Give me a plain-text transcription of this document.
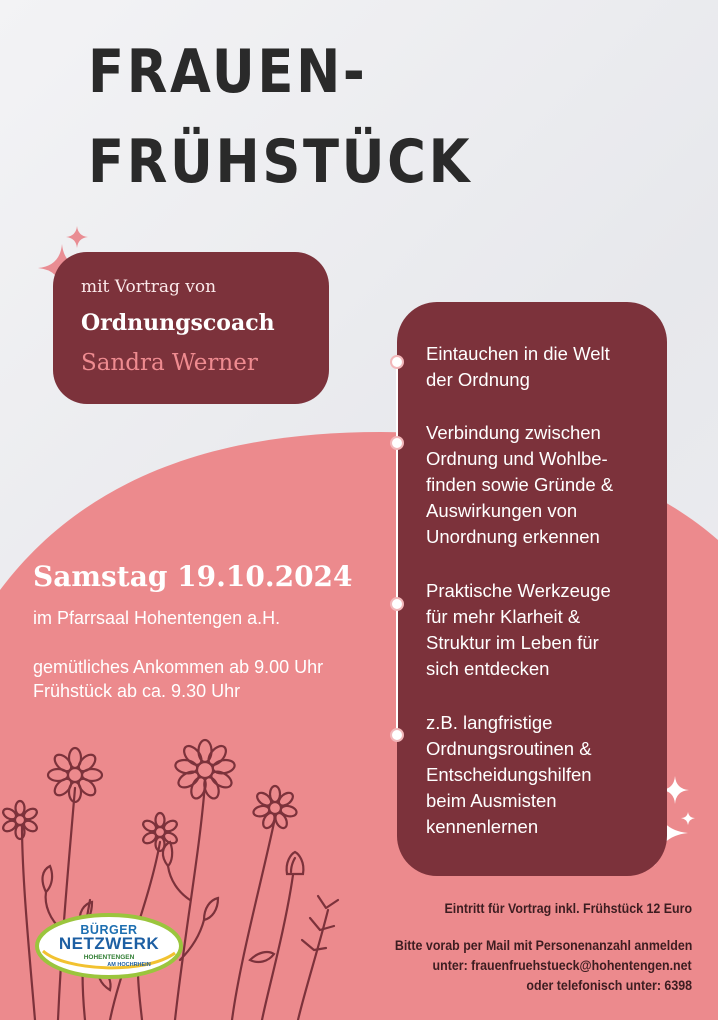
FRAUEN-
FRÜHSTÜCK
mit Vortrag von
Ordnungscoach
Sandra Werner
Samstag 19.10.2024

im Pfarrsaal Hohentengen a.H.

gemütliches Ankommen ab 9.00 Uhr

Frühstück ab ca. 9.30 Uhr

Eintauchen in die Welt
der Ordnung

Verbindung zwischen
Ordnung und Wohlbe-
finden sowie Gründe &
Auswirkungen von
Unordnung erkennen

Praktische Werkzeuge
für mehr Klarheit &
Struktur im Leben für
sich entdecken

z.B. langfristige
Ordnungsroutinen &
Entscheidungshilfen
beim Ausmisten
kennenlernen

Eintritt für Vortrag inkl. Frühstück 12 Euro

Bitte vorab per Mail mit Personenanzahl anmelden

unter: frauenfruehstueck@hohentengen.net

oder telefonisch unter: 6398

BÜRGER
NETZWERK
HOHENTENGEN
AM HOCHRHEIN
